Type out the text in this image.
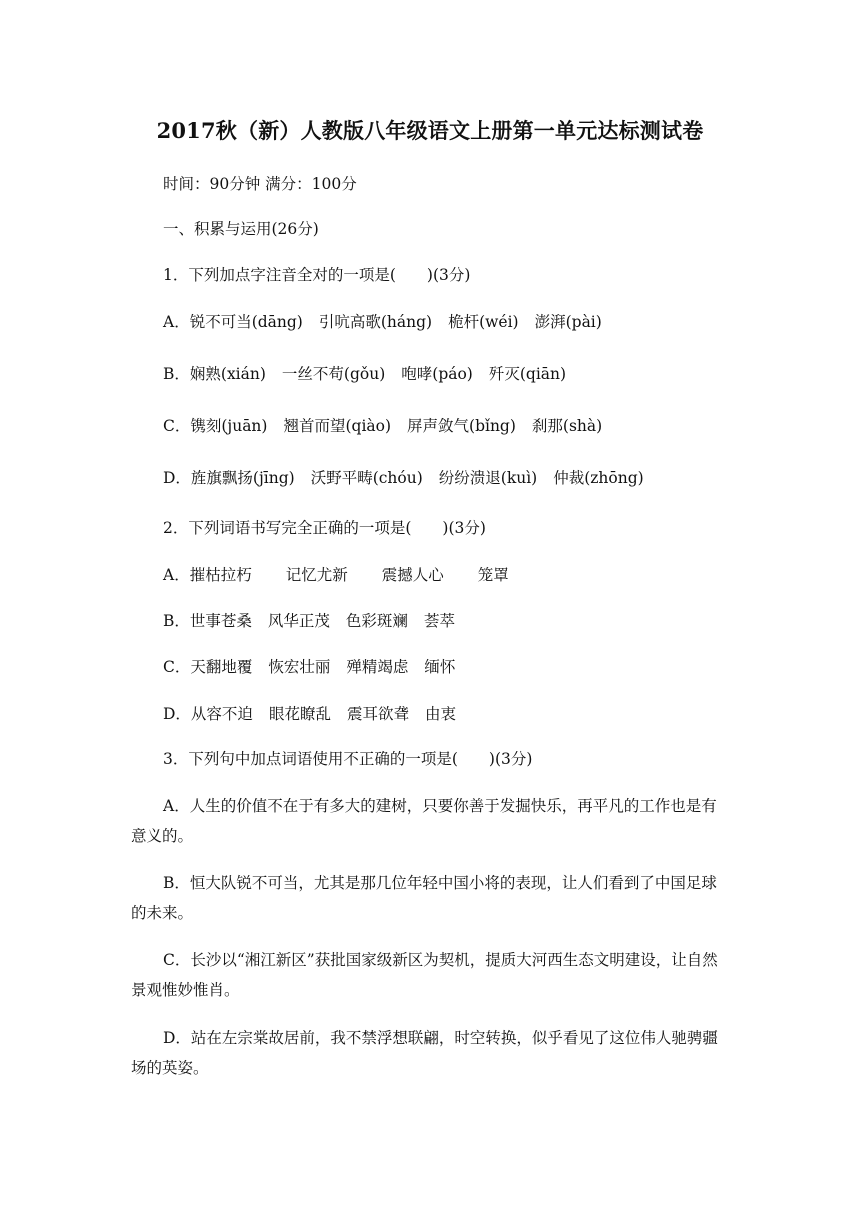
2017秋（新）人教版八年级语文上册第一单元达标测试卷
时间：90分钟 满分：100分
一、积累与运用(26分)
1．下列加点字注音全对的一项是(　　)(3分)
A．锐不可当(dāng) 引吭高歌(háng) 桅杆(wéi) 澎湃(pài)
B．娴熟(xián) 一丝不苟(gǒu) 咆哮(páo) 歼灭(qiān)
C．镌刻(juān) 翘首而望(qiào) 屏声敛气(bǐng) 刹那(shà)
D．旌旗飘扬(jīng) 沃野平畴(chóu) 纷纷溃退(kuì) 仲裁(zhōng)
2．下列词语书写完全正确的一项是(　　)(3分)
A．摧枯拉朽 记忆尤新 震撼人心 笼罩
B．世事苍桑 风华正茂 色彩斑斓 荟萃
C．天翻地覆 恢宏壮丽 殚精竭虑 缅怀
D．从容不迫 眼花瞭乱 震耳欲聋 由衷
3．下列句中加点词语使用不正确的一项是(　　)(3分)
A．人生的价值不在于有多大的建树，只要你善于发掘快乐，再平凡的工作也是有意义的。
B．恒大队锐不可当，尤其是那几位年轻中国小将的表现，让人们看到了中国足球的未来。
C．长沙以“湘江新区”获批国家级新区为契机，提质大河西生态文明建设，让自然景观惟妙惟肖。
D．站在左宗棠故居前，我不禁浮想联翩，时空转换，似乎看见了这位伟人驰骋疆场的英姿。
